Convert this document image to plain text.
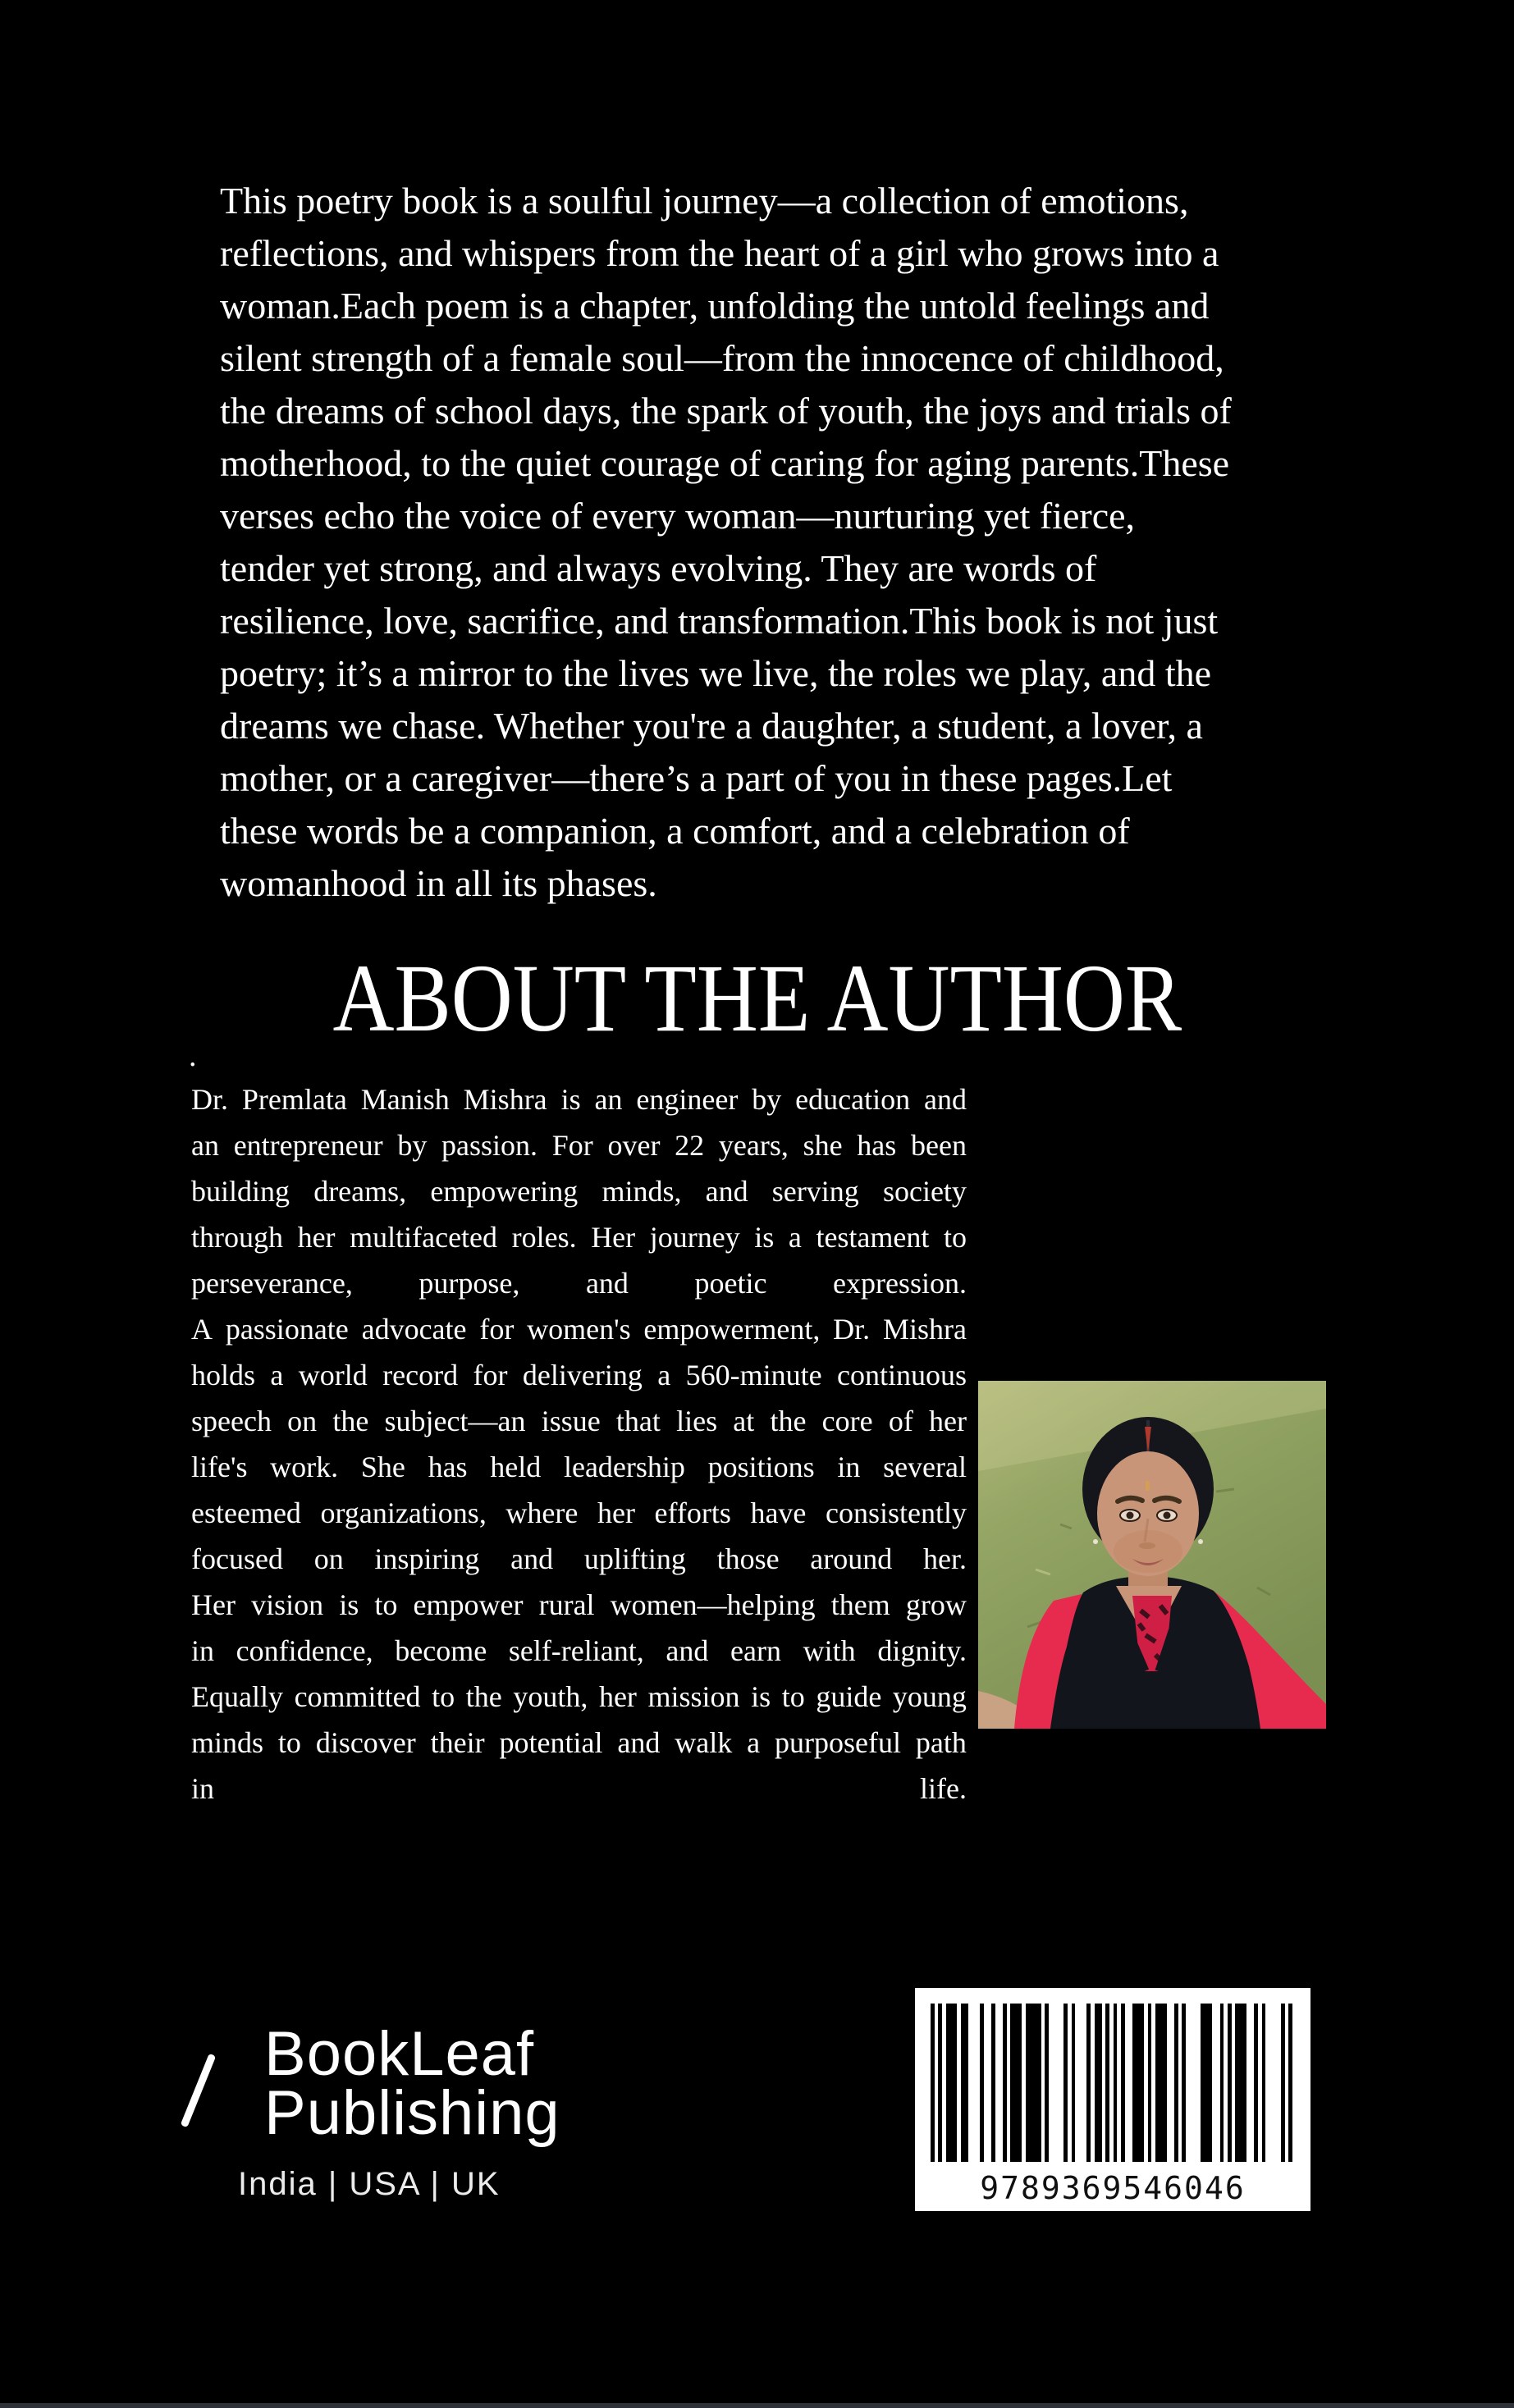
This poetry book is a soulful journey—a collection of emotions,
reflections, and whispers from the heart of a girl who grows into a
woman.Each poem is a chapter, unfolding the untold feelings and
silent strength of a female soul—from the innocence of childhood,
the dreams of school days, the spark of youth, the joys and trials of
motherhood, to the quiet courage of caring for aging parents.These
verses echo the voice of every woman—nurturing yet fierce,
tender yet strong, and always evolving. They are words of
resilience, love, sacrifice, and transformation.This book is not just
poetry; it’s a mirror to the lives we live, the roles we play, and the
dreams we chase. Whether you're a daughter, a student, a lover, a
mother, or a caregiver—there’s a part of you in these pages.Let
these words be a companion, a comfort, and a celebration of
womanhood in all its phases.
ABOUT THE AUTHOR
.
Dr. Premlata Manish Mishra is an engineer by education and
an entrepreneur by passion. For over 22 years, she has been
building dreams, empowering minds, and serving society
through her multifaceted roles. Her journey is a testament to
perseverance, purpose, and poetic expression.
A passionate advocate for women's empowerment, Dr. Mishra
holds a world record for delivering a 560-minute continuous
speech on the subject—an issue that lies at the core of her
life's work. She has held leadership positions in several
esteemed organizations, where her efforts have consistently
focused on inspiring and uplifting those around her.
Her vision is to empower rural women—helping them grow
in confidence, become self-reliant, and earn with dignity.
Equally committed to the youth, her mission is to guide young
minds to discover their potential and walk a purposeful path
in	life.
BookLeaf
Publishing
India | USA | UK	9789369546046
